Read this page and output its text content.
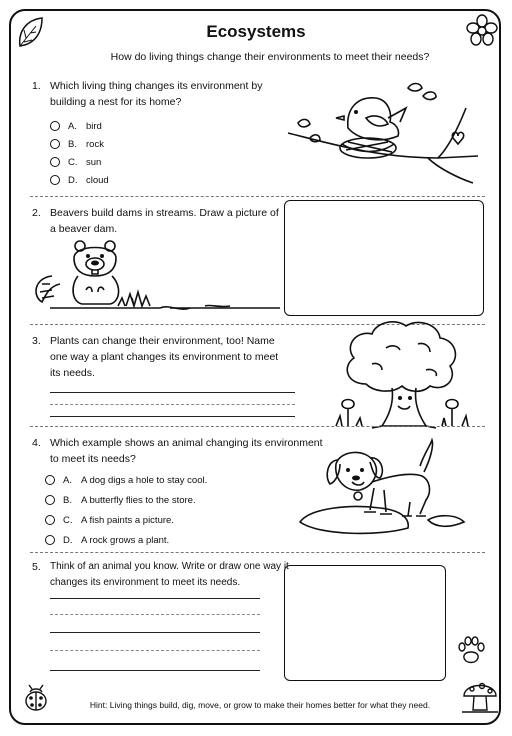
Ecosystems
How do living things change their environments to meet their needs?
1. Which living thing changes its environment by building a nest for its home?
A. bird
B. rock
C. sun
D. cloud
2. Beavers build dams in streams. Draw a picture of a beaver dam.
3. Plants can change their environment, too! Name one way a plant changes its environment to meet its needs.
4. Which example shows an animal changing its environment to meet its needs?
A. A dog digs a hole to stay cool.
B. A butterfly flies to the store.
C. A fish paints a picture.
D. A rock grows a plant.
5. Think of an animal you know. Write or draw one way it changes its environment to meet its needs.
Hint: Living things build, dig, move, or grow to make their homes better for what they need.
